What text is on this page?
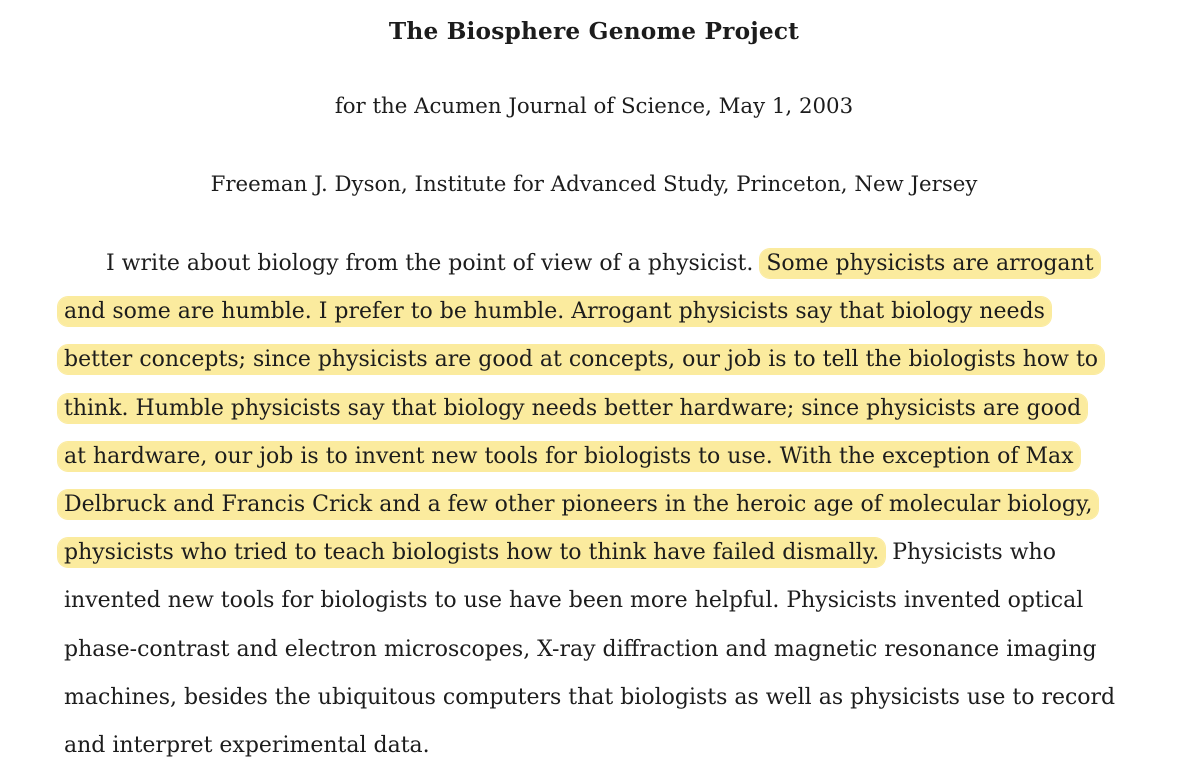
The Biosphere Genome Project
for the Acumen Journal of Science, May 1, 2003
Freeman J. Dyson, Institute for Advanced Study, Princeton, New Jersey
I write about biology from the point of view of a physicist. Some physicists are arrogant
and some are humble. I prefer to be humble. Arrogant physicists say that biology needs
better concepts; since physicists are good at concepts, our job is to tell the biologists how to
think. Humble physicists say that biology needs better hardware; since physicists are good
at hardware, our job is to invent new tools for biologists to use. With the exception of Max
Delbruck and Francis Crick and a few other pioneers in the heroic age of molecular biology,
physicists who tried to teach biologists how to think have failed dismally. Physicists who
invented new tools for biologists to use have been more helpful. Physicists invented optical
phase-contrast and electron microscopes, X-ray diffraction and magnetic resonance imaging
machines, besides the ubiquitous computers that biologists as well as physicists use to record
and interpret experimental data.
